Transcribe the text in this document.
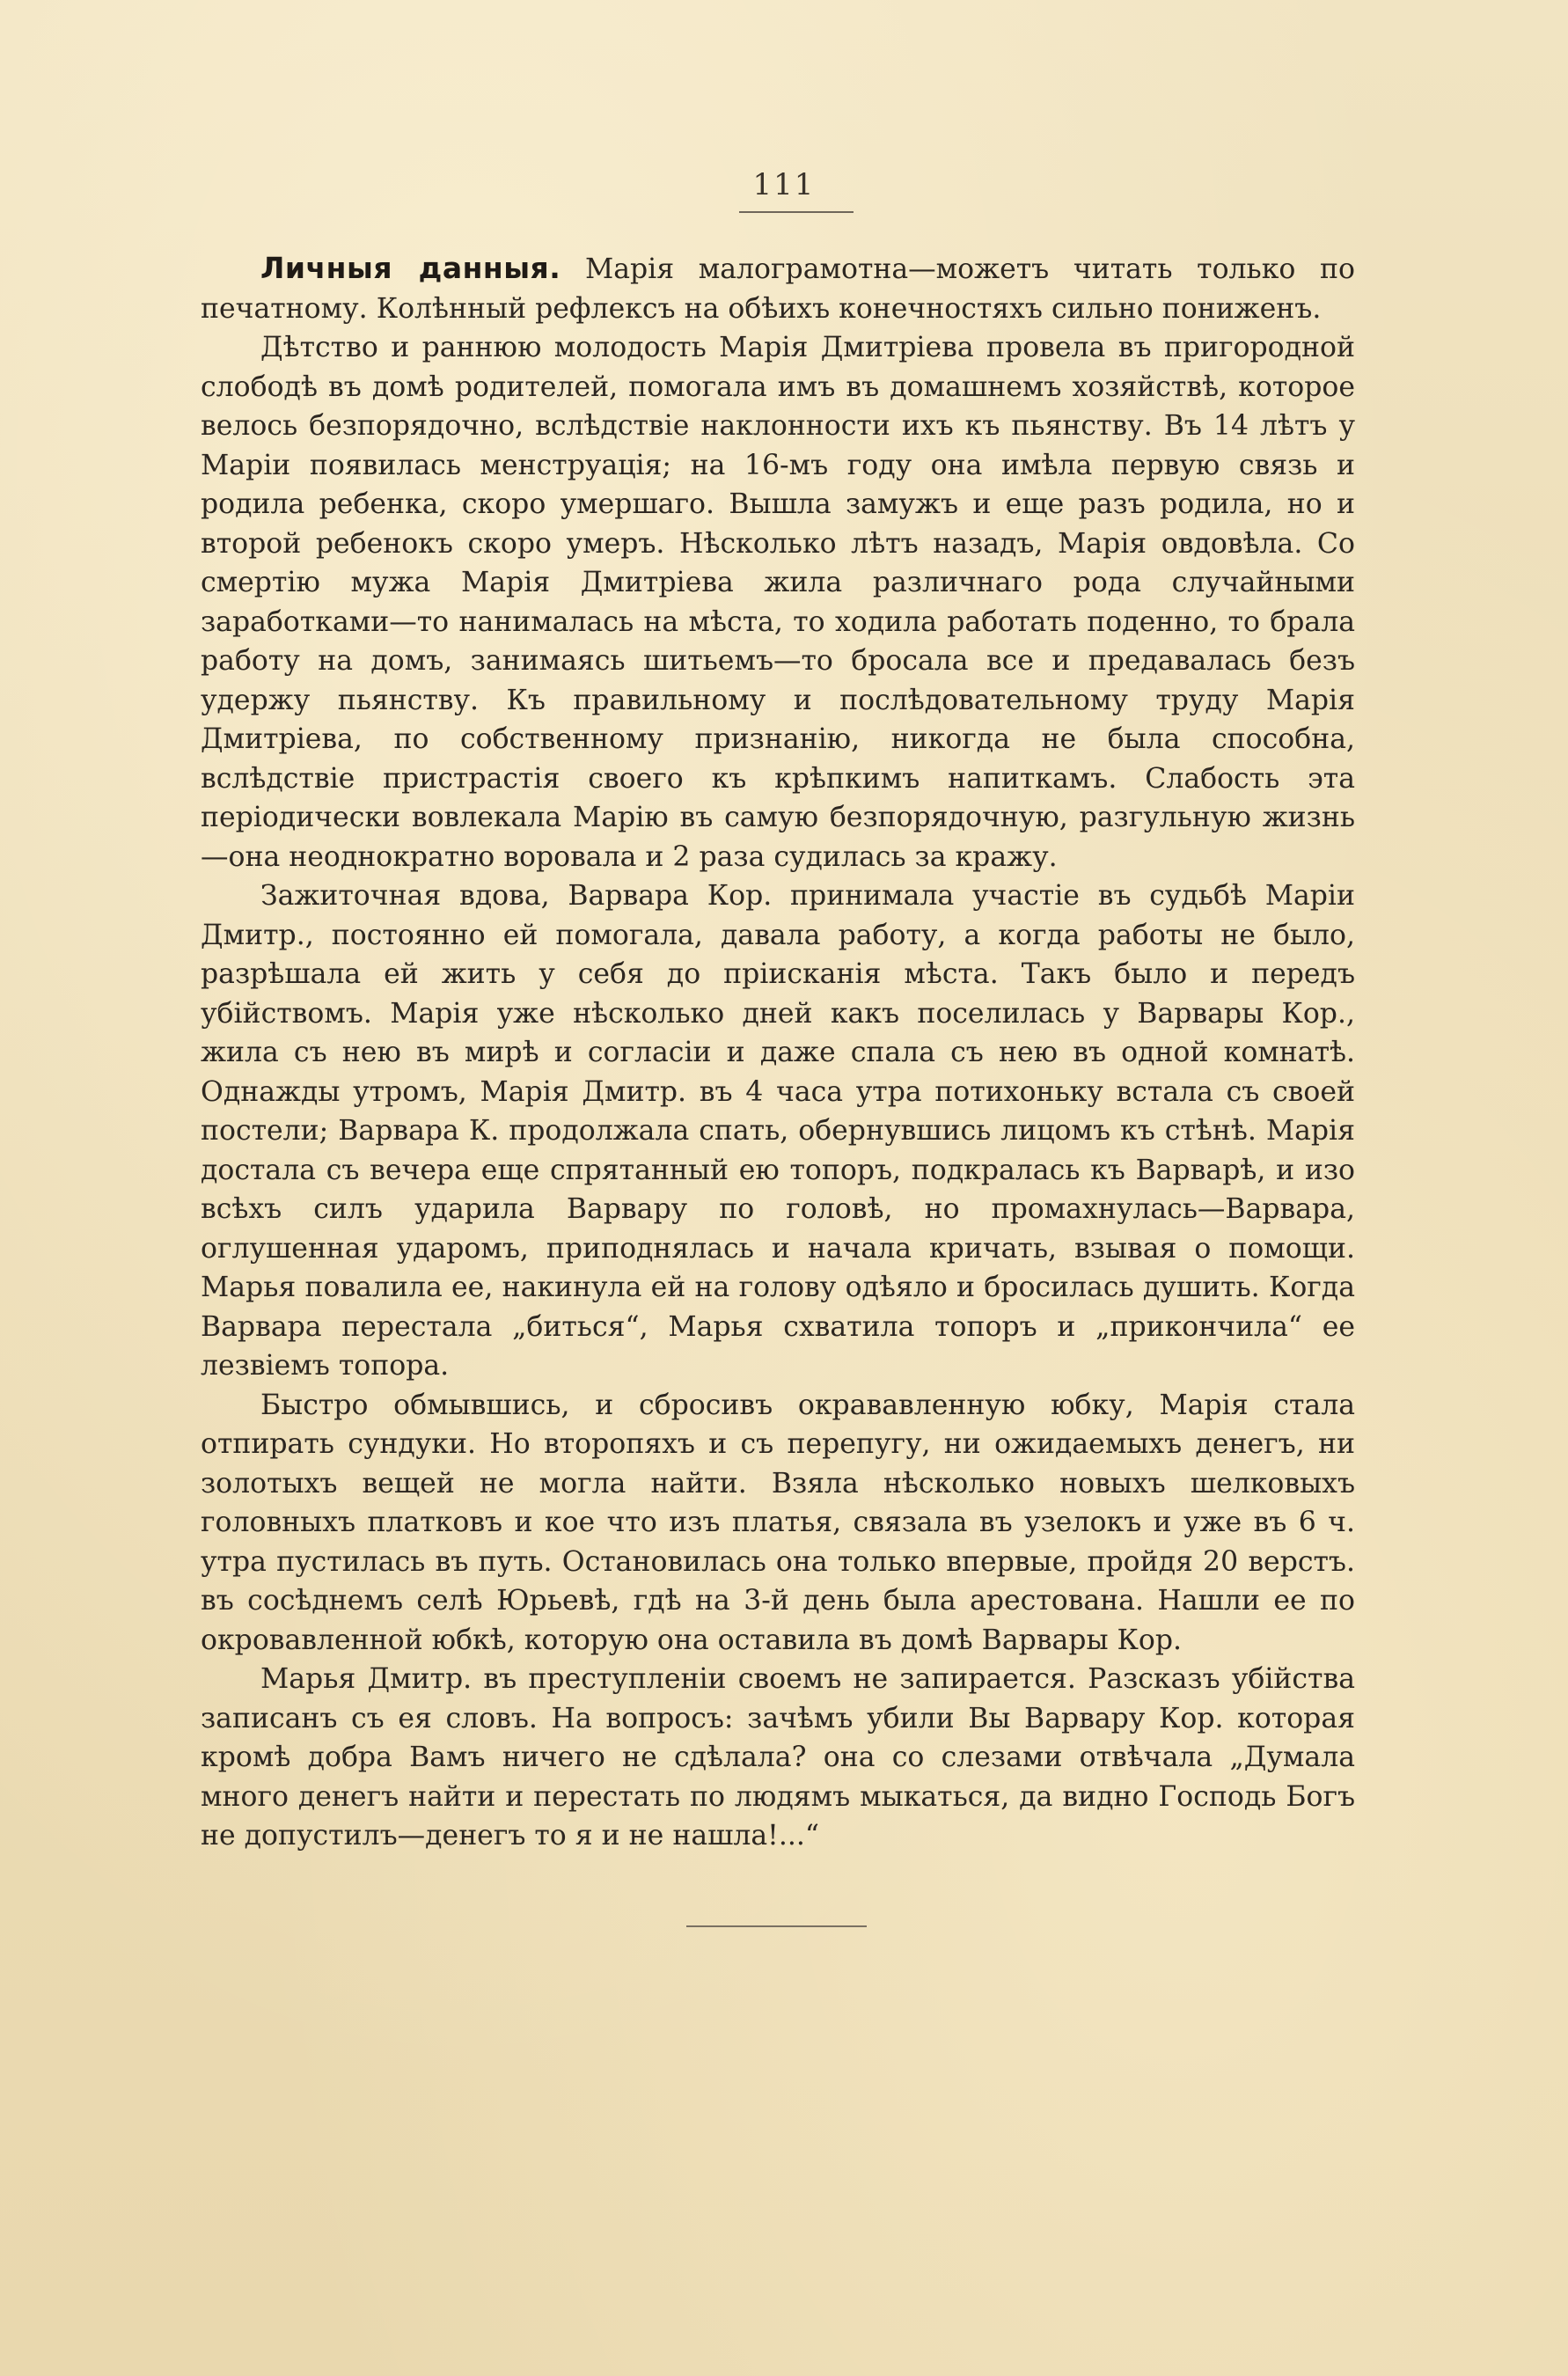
111

Личныя данныя. Марія малограмотна—можетъ читать только по печатному. Колѣнный рефлексъ на обѣихъ конечностяхъ сильно пониженъ.

Дѣтство и раннюю молодость Марія Дмитріева провела въ пригородной слободѣ въ домѣ родителей, помогала имъ въ домашнемъ хозяйствѣ, которое велось безпорядочно, вслѣдствіе наклонности ихъ къ пьянству. Въ 14 лѣтъ у Маріи появилась менструація; на 16-мъ году она имѣла первую связь и родила ребенка, скоро умершаго. Вышла замужъ и еще разъ родила, но и второй ребенокъ скоро умеръ. Нѣсколько лѣтъ назадъ, Марія овдовѣла. Со смертію мужа Марія Дмитріева жила различнаго рода случайными заработками—то нанималась на мѣста, то ходила работать поденно, то брала работу на домъ, занимаясь шитьемъ—то бросала все и предавалась безъ удержу пьянству. Къ правильному и послѣдовательному труду Марія Дмитріева, по собственному признанію, никогда не была способна, вслѣдствіе пристрастія своего къ крѣпкимъ напиткамъ. Слабость эта періодически вовлекала Марію въ самую безпорядочную, разгульную жизнь—она неоднократно воровала и 2 раза судилась за кражу.

Зажиточная вдова, Варвара Кор. принимала участіе въ судьбѣ Маріи Дмитр., постоянно ей помогала, давала работу, а когда работы не было, разрѣшала ей жить у себя до пріисканія мѣста. Такъ было и передъ убійствомъ. Марія уже нѣсколько дней какъ поселилась у Варвары Кор., жила съ нею въ мирѣ и согласіи и даже спала съ нею въ одной комнатѣ. Однажды утромъ, Марія Дмитр. въ 4 часа утра потихоньку встала съ своей постели; Варвара К. продолжала спать, обернувшись лицомъ къ стѣнѣ. Марія достала съ вечера еще спрятанный ею топоръ, подкралась къ Варварѣ, и изо всѣхъ силъ ударила Варвару по головѣ, но промахнулась—Варвара, оглушенная ударомъ, приподнялась и начала кричать, взывая о помощи. Марья повалила ее, накинула ей на голову одѣяло и бросилась душить. Когда Варвара перестала „биться“, Марья схватила топоръ и „прикончила“ ее лезвіемъ топора.

Быстро обмывшись, и сбросивъ окрававленную юбку, Марія стала отпирать сундуки. Но второпяхъ и съ перепугу, ни ожидаемыхъ денегъ, ни золотыхъ вещей не могла найти. Взяла нѣсколько новыхъ шелковыхъ головныхъ платковъ и кое что изъ платья, связала въ узелокъ и уже въ 6 ч. утра пустилась въ путь. Остановилась она только впервые, пройдя 20 верстъ. въ сосѣднемъ селѣ Юрьевѣ, гдѣ на 3-й день была арестована. Нашли ее по окровавленной юбкѣ, которую она оставила въ домѣ Варвары Кор.

Марья Дмитр. въ преступленіи своемъ не запирается. Разсказъ убійства записанъ съ ея словъ. На вопросъ: зачѣмъ убили Вы Варвару Кор. которая кромѣ добра Вамъ ничего не сдѣлала? она со слезами отвѣчала „Думала много денегъ найти и перестать по людямъ мыкаться, да видно Господь Богъ не допустилъ—денегъ то я и не нашла!...“
